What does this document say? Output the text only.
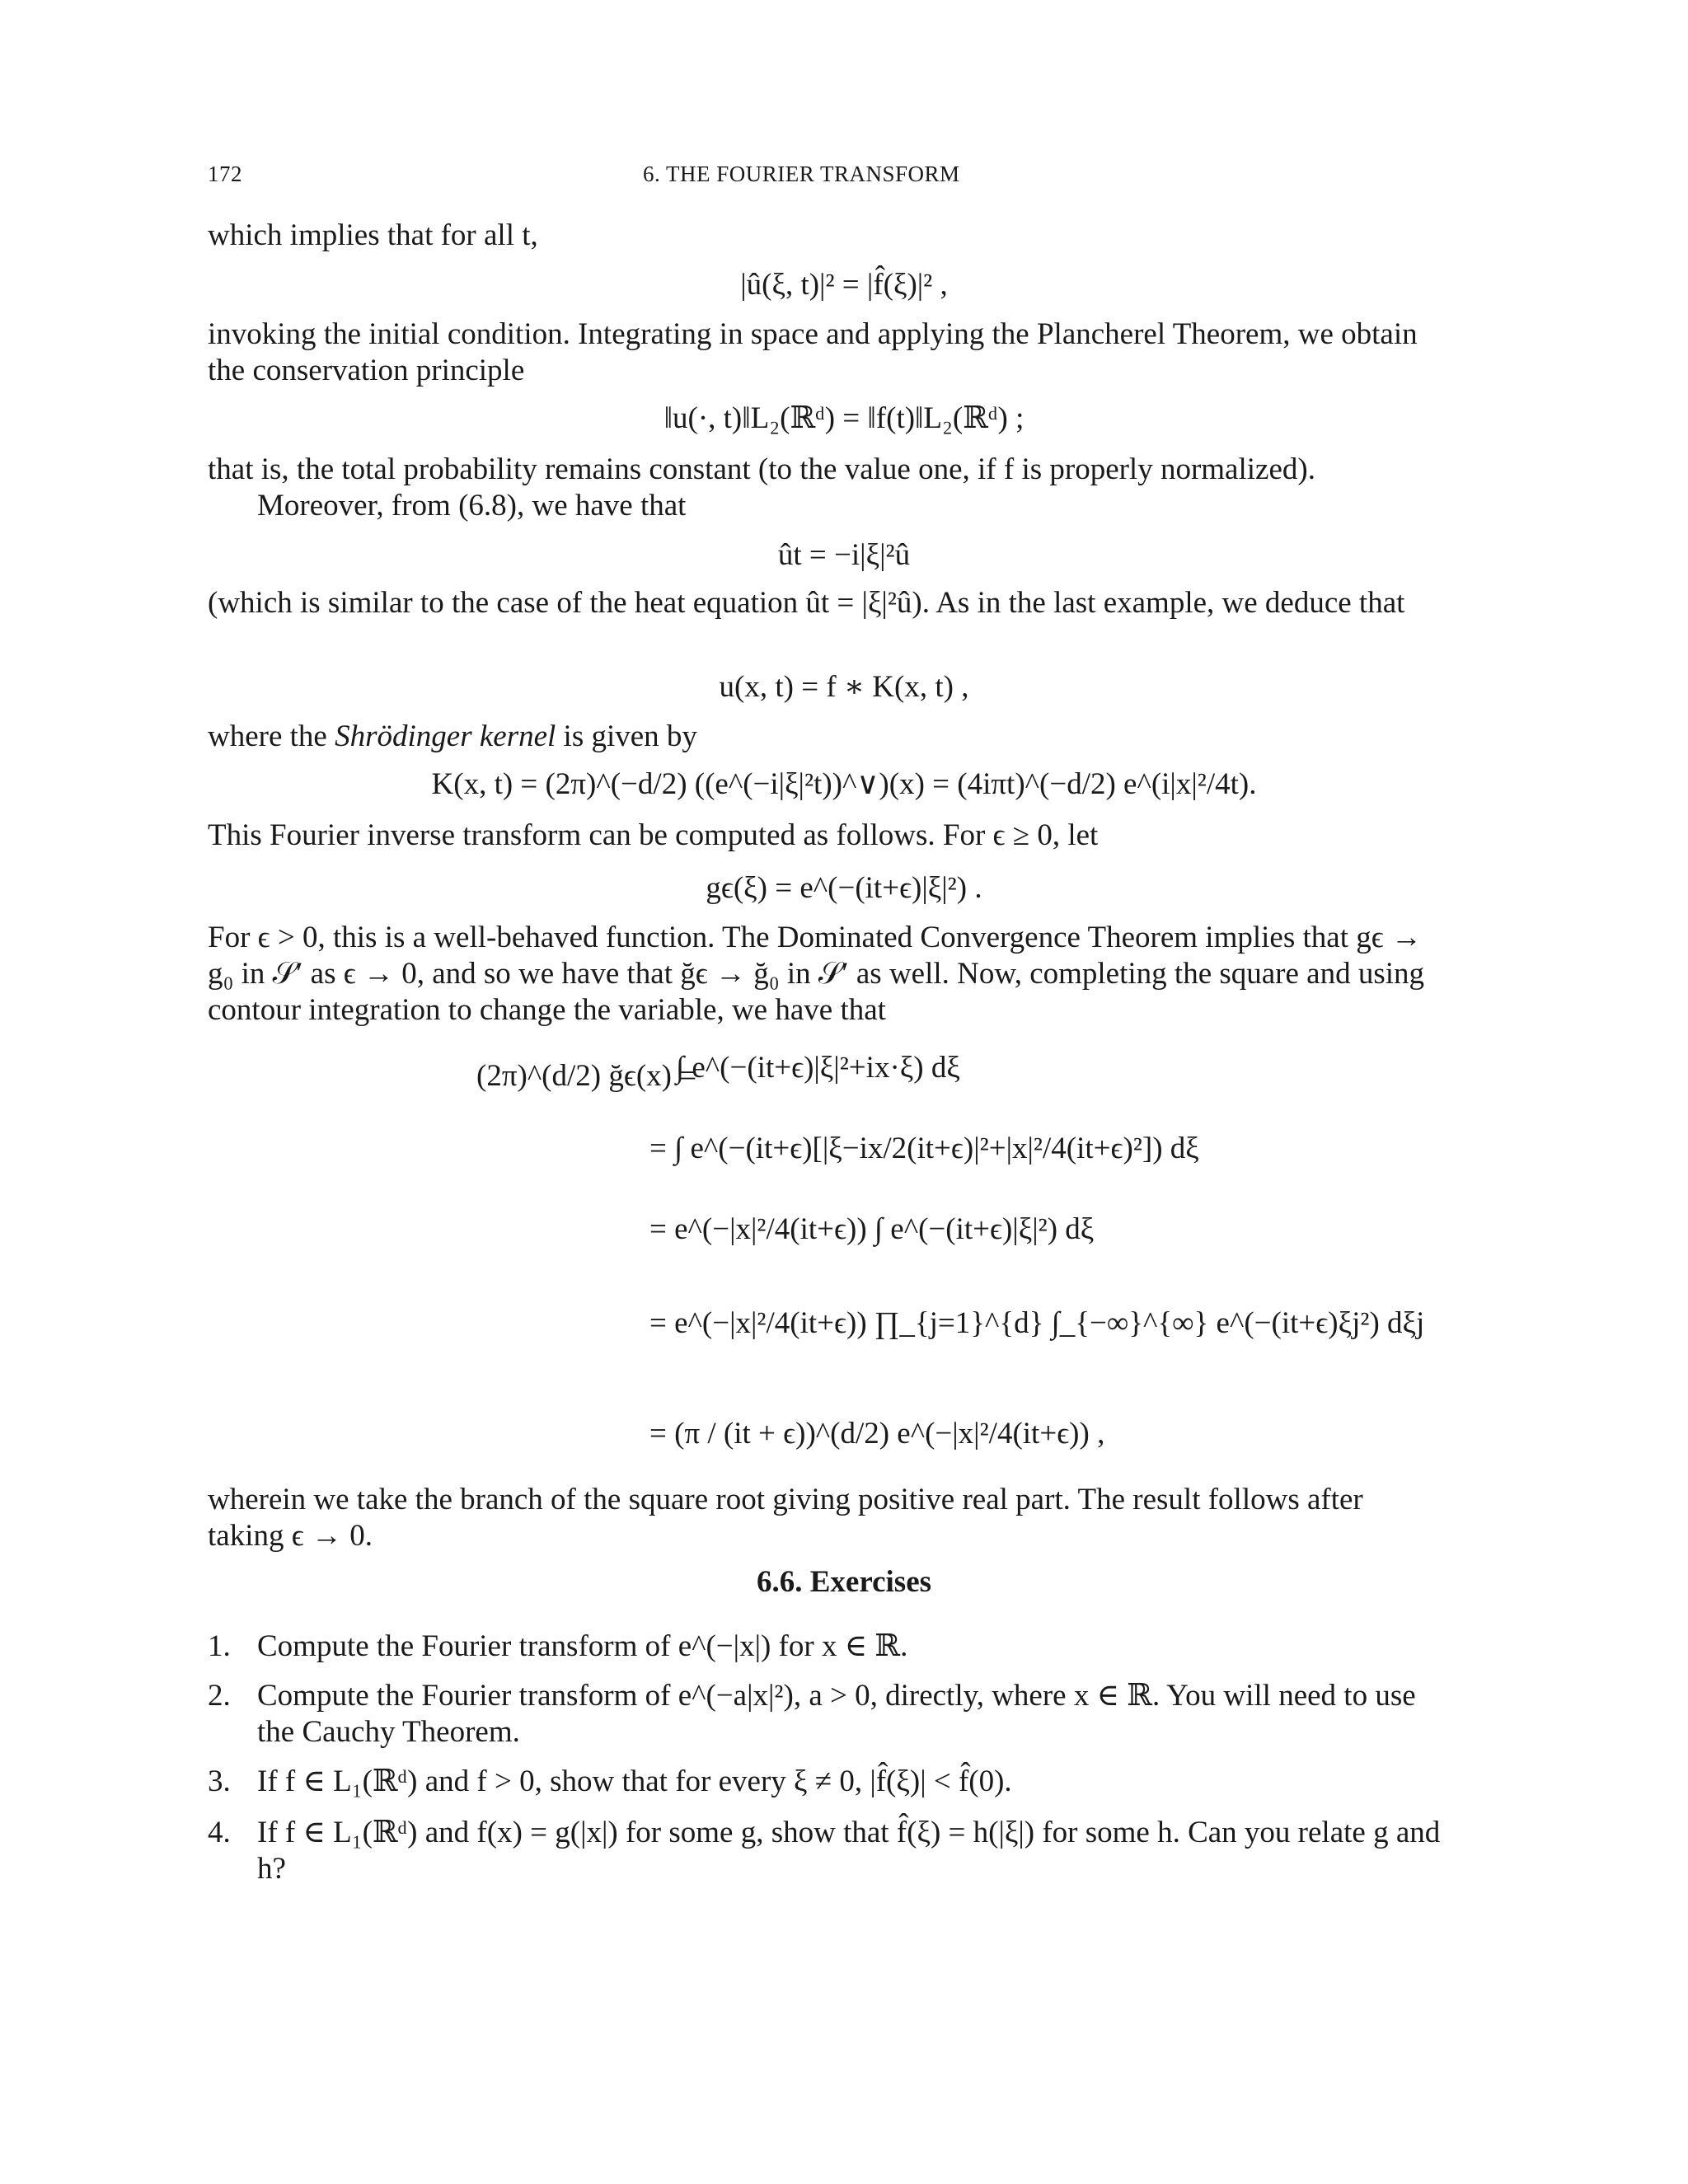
172	6. THE FOURIER TRANSFORM
which implies that for all t,
|û(ξ, t)|² = |f̂(ξ)|² ,
invoking the initial condition. Integrating in space and applying the Plancherel Theorem, we obtain the conservation principle
‖u(·, t)‖L₂(ℝᵈ) = ‖f(t)‖L₂(ℝᵈ) ;
that is, the total probability remains constant (to the value one, if f is properly normalized).
Moreover, from (6.8), we have that
ût = −i|ξ|²û
(which is similar to the case of the heat equation ût = |ξ|²û). As in the last example, we deduce that
u(x, t) = f ∗ K(x, t) ,
where the Shrödinger kernel is given by
K(x, t) = (2π)^(−d/2) ((e^(−i|ξ|²t))^∨)(x) = (4iπt)^(−d/2) e^(i|x|²/4t).
This Fourier inverse transform can be computed as follows. For ϵ ≥ 0, let
gϵ(ξ) = e^(−(it+ϵ)|ξ|²) .
For ϵ > 0, this is a well-behaved function. The Dominated Convergence Theorem implies that gϵ → g₀ in 𝒮′ as ϵ → 0, and so we have that ğϵ → ğ₀ in 𝒮′ as well. Now, completing the square and using contour integration to change the variable, we have that
(2π)^(d/2) ğϵ(x) =
∫ e^(−(it+ϵ)|ξ|²+ix·ξ) dξ
= ∫ e^(−(it+ϵ)[|ξ−ix/2(it+ϵ)|²+|x|²/4(it+ϵ)²]) dξ
= e^(−|x|²/4(it+ϵ)) ∫ e^(−(it+ϵ)|ξ|²) dξ
= e^(−|x|²/4(it+ϵ)) ∏_{j=1}^{d} ∫_{−∞}^{∞} e^(−(it+ϵ)ξj²) dξj
= (π / (it + ϵ))^(d/2) e^(−|x|²/4(it+ϵ)) ,
wherein we take the branch of the square root giving positive real part. The result follows after taking ϵ → 0.
6.6. Exercises
1. Compute the Fourier transform of e^(−|x|) for x ∈ ℝ.
2. Compute the Fourier transform of e^(−a|x|²), a > 0, directly, where x ∈ ℝ. You will need to use the Cauchy Theorem.
3. If f ∈ L₁(ℝᵈ) and f > 0, show that for every ξ ≠ 0, |f̂(ξ)| < f̂(0).
4. If f ∈ L₁(ℝᵈ) and f(x) = g(|x|) for some g, show that f̂(ξ) = h(|ξ|) for some h. Can you relate g and h?
